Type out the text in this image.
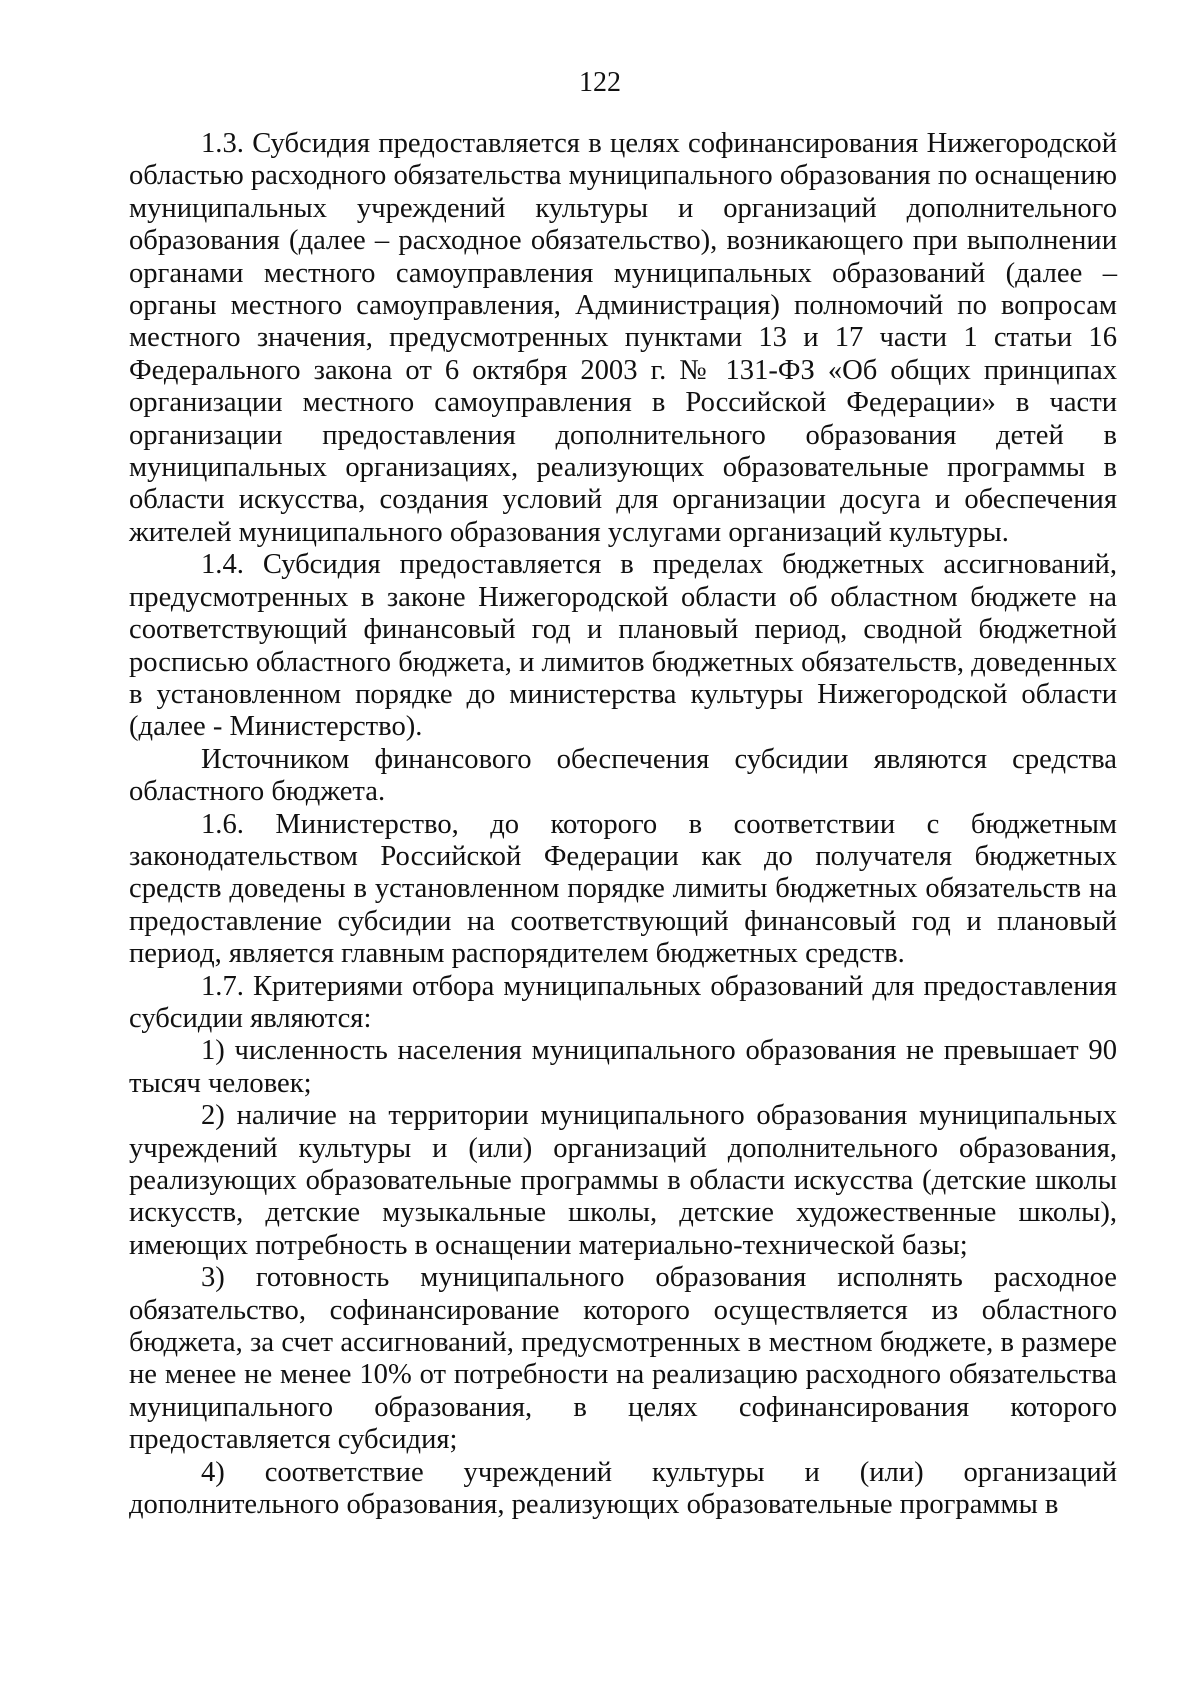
122

1.3. Субсидия предоставляется в целях софинансирования Нижегородской областью расходного обязательства муниципального образования по оснащению муниципальных учреждений культуры и организаций дополнительного образования (далее – расходное обязательство), возникающего при выполнении органами местного самоуправления муниципальных образований (далее – органы местного самоуправления, Администрация) полномочий по вопросам местного значения, предусмотренных пунктами 13 и 17 части 1 статьи 16 Федерального закона от 6 октября 2003 г. № 131-ФЗ «Об общих принципах организации местного самоуправления в Российской Федерации» в части организации предоставления дополнительного образования детей в муниципальных организациях, реализующих образовательные программы в области искусства, создания условий для организации досуга и обеспечения жителей муниципального образования услугами организаций культуры.

1.4. Субсидия предоставляется в пределах бюджетных ассигнований, предусмотренных в законе Нижегородской области об областном бюджете на соответствующий финансовый год и плановый период, сводной бюджетной росписью областного бюджета, и лимитов бюджетных обязательств, доведенных в установленном порядке до министерства культуры Нижегородской области (далее - Министерство).

Источником финансового обеспечения субсидии являются средства областного бюджета.

1.6. Министерство, до которого в соответствии с бюджетным законодательством Российской Федерации как до получателя бюджетных средств доведены в установленном порядке лимиты бюджетных обязательств на предоставление субсидии на соответствующий финансовый год и плановый период, является главным распорядителем бюджетных средств.

1.7. Критериями отбора муниципальных образований для предоставления субсидии являются:

1) численность населения муниципального образования не превышает 90 тысяч человек;

2) наличие на территории муниципального образования муниципальных учреждений культуры и (или) организаций дополнительного образования, реализующих образовательные программы в области искусства (детские школы искусств, детские музыкальные школы, детские художественные школы), имеющих потребность в оснащении материально-технической базы;

3) готовность муниципального образования исполнять расходное обязательство, софинансирование которого осуществляется из областного бюджета, за счет ассигнований, предусмотренных в местном бюджете, в размере не менее не менее 10% от потребности на реализацию расходного обязательства муниципального образования, в целях софинансирования которого предоставляется субсидия;

4) соответствие учреждений культуры и (или) организаций дополнительного образования, реализующих образовательные программы в
